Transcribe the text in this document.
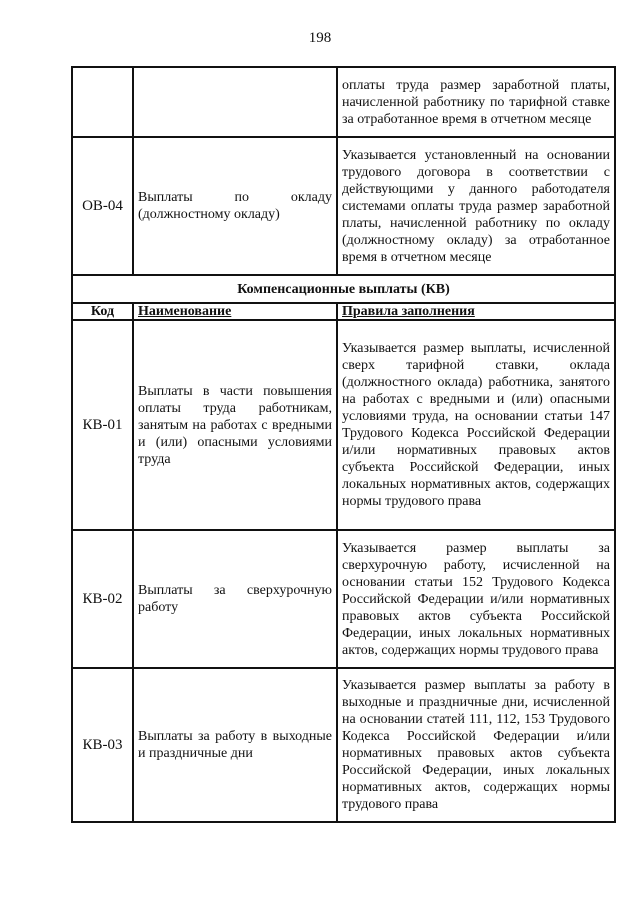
198
		оплаты труда размер заработной платы, начисленной работнику по тарифной ставке за отработанное время в отчетном месяце
ОВ-04	Выплаты по окладу (должностному окладу)	Указывается установленный на основании трудового договора в соответствии с действующими у данного работодателя системами оплаты труда размер заработной платы, начисленной работнику по окладу (должностному окладу) за отработанное время в отчетном месяце
Компенсационные выплаты (КВ)		
Код	Наименование	Правила заполнения
КВ-01	Выплаты в части повышения оплаты труда работникам, занятым на работах с вредными и (или) опасными условиями труда	Указывается размер выплаты, исчисленной сверх тарифной ставки, оклада (должностного оклада) работника, занятого на работах с вредными и (или) опасными условиями труда, на основании статьи 147 Трудового Кодекса Российской Федерации и/или нормативных правовых актов субъекта Российской Федерации, иных локальных нормативных актов, содержащих нормы трудового права
КВ-02	Выплаты за сверхурочную работу	Указывается размер выплаты за сверхурочную работу, исчисленной на основании статьи 152 Трудового Кодекса Российской Федерации и/или нормативных правовых актов субъекта Российской Федерации, иных локальных нормативных актов, содержащих нормы трудового права
КВ-03	Выплаты за работу в выходные и праздничные дни	Указывается размер выплаты за работу в выходные и праздничные дни, исчисленной на основании статей 111, 112, 153 Трудового Кодекса Российской Федерации и/или нормативных правовых актов субъекта Российской Федерации, иных локальных нормативных актов, содержащих нормы трудового права
